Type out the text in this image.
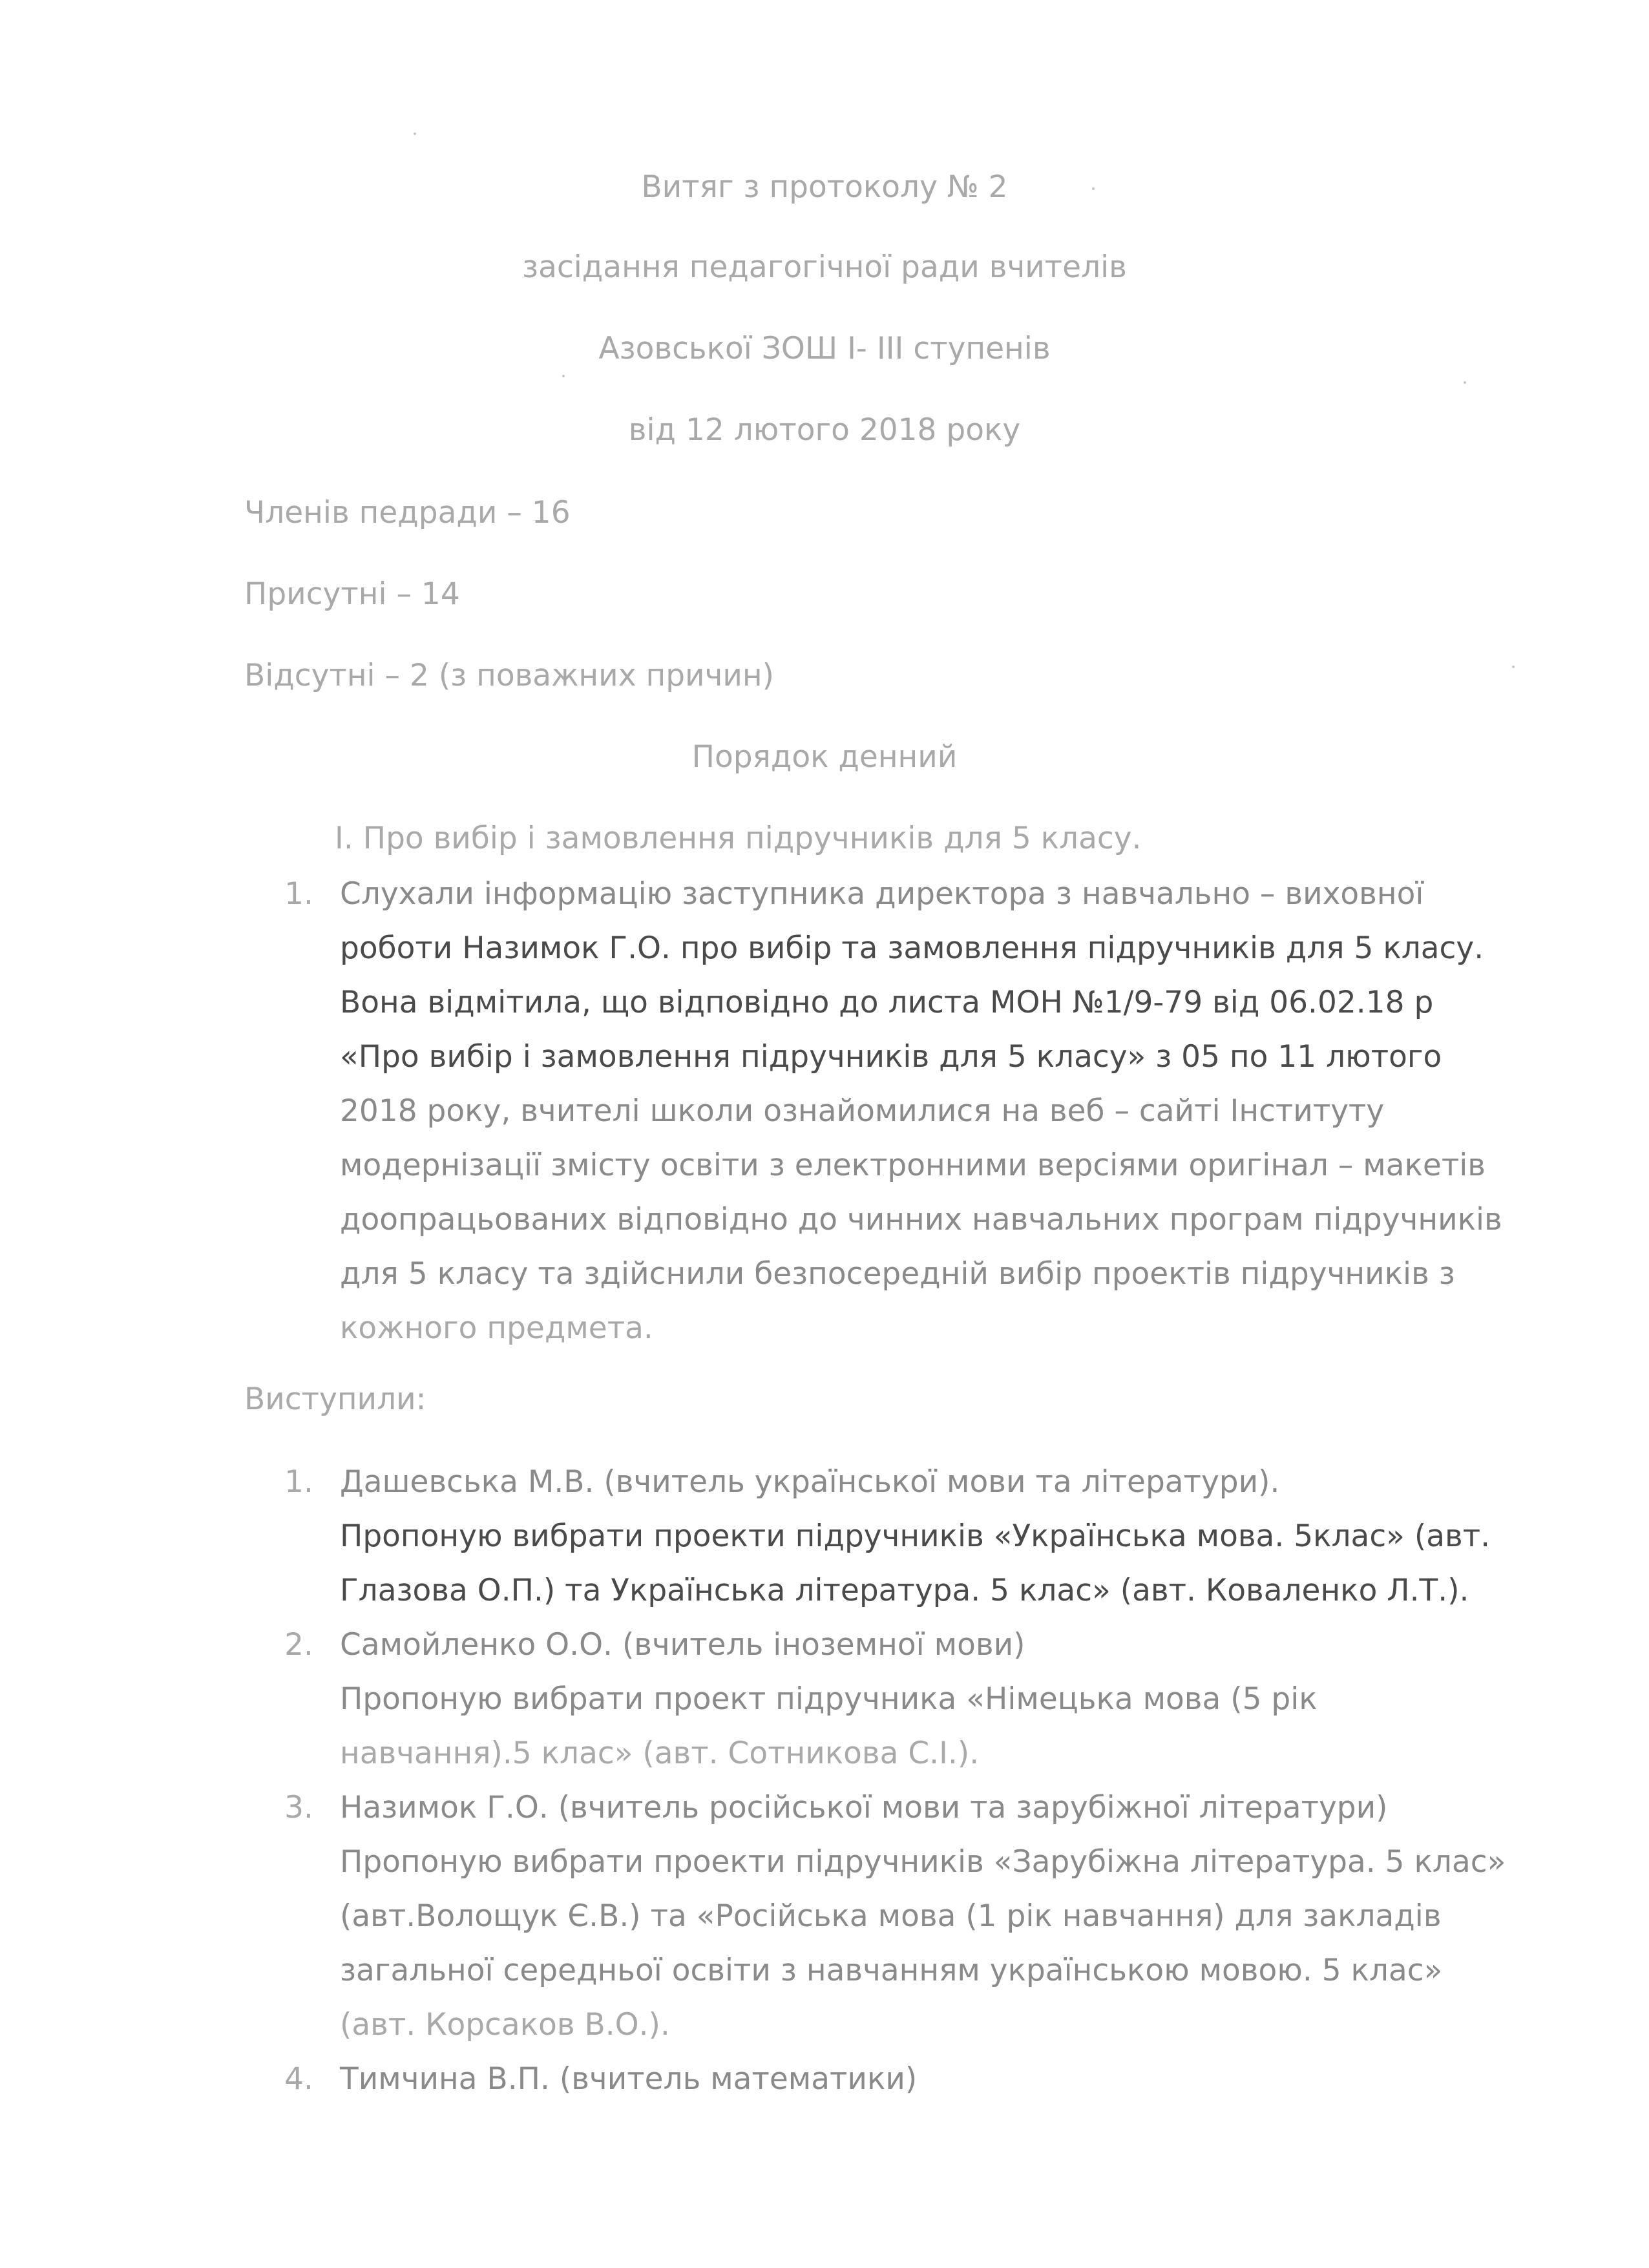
Витяг з протоколу № 2
засідання педагогічної ради вчителів
Азовської ЗОШ І- ІІІ ступенів
від 12 лютого 2018 року
Членів педради – 16
Присутні – 14
Відсутні – 2 (з поважних причин)
Порядок денний
І. Про вибір і замовлення підручників для 5 класу.
1. Слухали інформацію заступника директора з навчально – виховної
роботи Назимок Г.О. про вибір та замовлення підручників для 5 класу.
Вона відмітила, що відповідно до листа МОН №1/9-79 від 06.02.18 р
«Про вибір і замовлення підручників для 5 класу» з 05 по 11 лютого
2018 року, вчителі школи ознайомилися на веб – сайті Інституту
модернізації змісту освіти з електронними версіями оригінал – макетів
доопрацьованих відповідно до чинних навчальних програм підручників
для 5 класу та здійснили безпосередній вибір проектів підручників з
кожного предмета.
Виступили:
1. Дашевська М.В. (вчитель української мови та літератури).
Пропоную вибрати проекти підручників «Українська мова. 5клас» (авт.
Глазова О.П.) та Українська література. 5 клас» (авт. Коваленко Л.Т.).
2. Самойленко О.О. (вчитель іноземної мови)
Пропоную вибрати проект підручника «Німецька мова (5 рік
навчання).5 клас» (авт. Сотникова С.І.).
3. Назимок Г.О. (вчитель російської мови та зарубіжної літератури)
Пропоную вибрати проекти підручників «Зарубіжна література. 5 клас»
(авт.Волощук Є.В.) та «Російська мова (1 рік навчання) для закладів
загальної середньої освіти з навчанням українською мовою. 5 клас»
(авт. Корсаков В.О.).
4. Тимчина В.П. (вчитель математики)
